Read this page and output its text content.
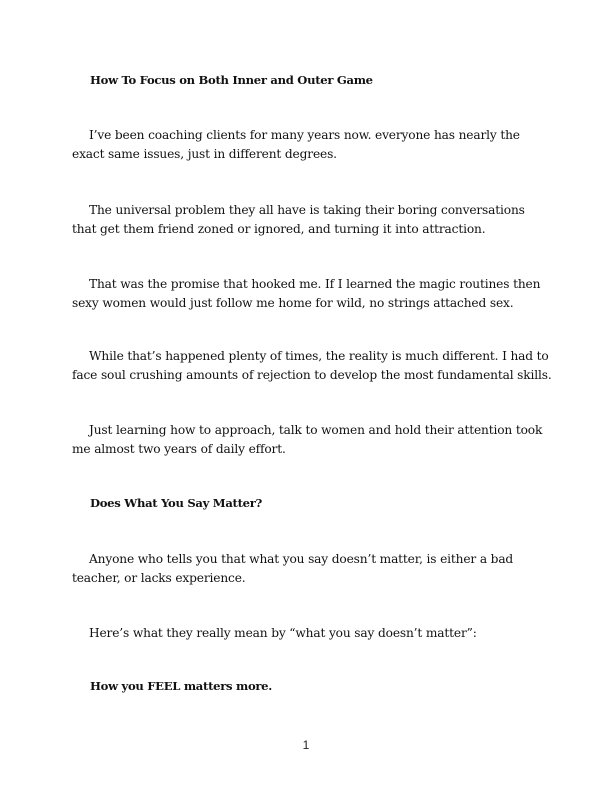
How To Focus on Both Inner and Outer Game
I’ve been coaching clients for many years now. everyone has nearly the exact same issues, just in different degrees.
The universal problem they all have is taking their boring conversations that get them friend zoned or ignored, and turning it into attraction.
That was the promise that hooked me. If I learned the magic routines then sexy women would just follow me home for wild, no strings attached sex.
While that’s happened plenty of times, the reality is much different. I had to face soul crushing amounts of rejection to develop the most fundamental skills.
Just learning how to approach, talk to women and hold their attention took me almost two years of daily effort.
Does What You Say Matter?
Anyone who tells you that what you say doesn’t matter, is either a bad teacher, or lacks experience.
Here’s what they really mean by “what you say doesn’t matter”:
How you FEEL matters more.
1
